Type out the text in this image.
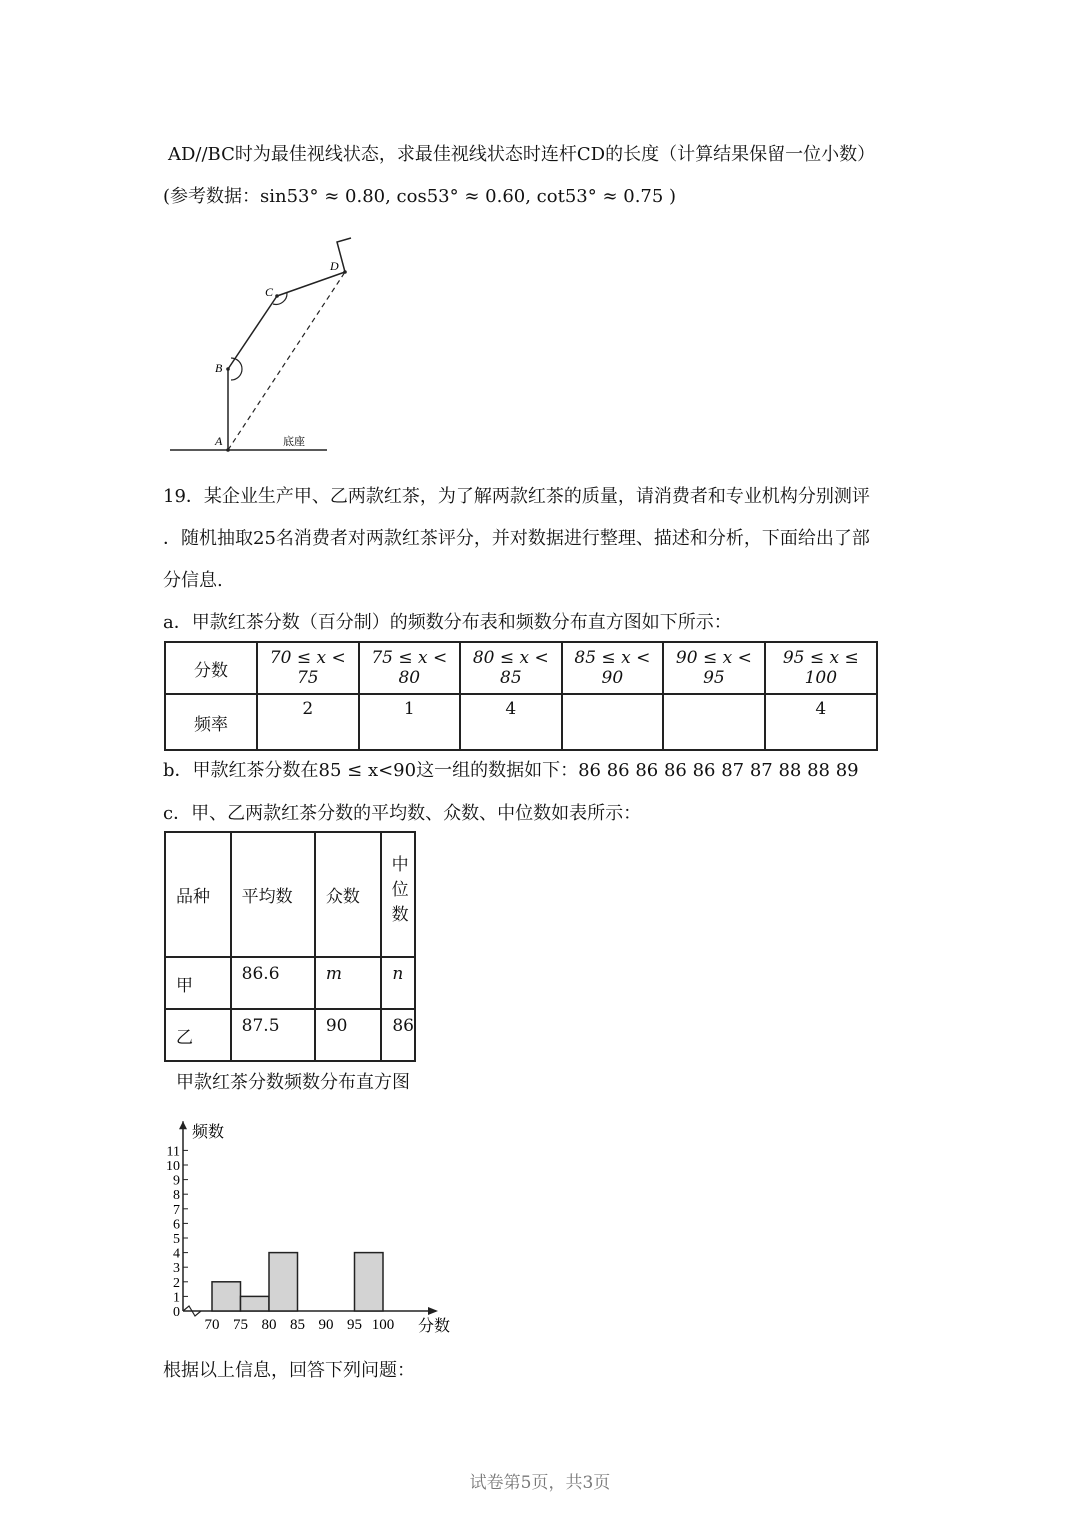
AD//BC时为最佳视线状态，求最佳视线状态时连杆CD的长度（计算结果保留一位小数）
(参考数据：sin53° ≈ 0.80, cos53° ≈ 0.60, cot53° ≈ 0.75 )
A
B
C
D
底座
19．某企业生产甲、乙两款红茶，为了解两款红茶的质量，请消费者和专业机构分别测评
．随机抽取25名消费者对两款红茶评分，并对数据进行整理、描述和分析，下面给出了部
分信息.
a．甲款红茶分数（百分制）的频数分布表和频数分布直方图如下所示：
分数	70 ≤ x < 75	75 ≤ x < 80	80 ≤ x < 85	85 ≤ x < 90	90 ≤ x < 95	95 ≤ x ≤ 100
频率	2	1	4			4
b．甲款红茶分数在85 ≤ x<90这一组的数据如下：86 86 86 86 86 87 87 88 88 89
c．甲、乙两款红茶分数的平均数、众数、中位数如表所示：
品种	平均数	众数	中位数
甲	86.6	m	n
乙	87.5	90	86
甲款红茶分数频数分布直方图
0
1
2
3
4
5
6
7
8
9
10
11
频数
70 75 80 85 90 95 100 分数
根据以上信息，回答下列问题：
试卷第5页，共3页
